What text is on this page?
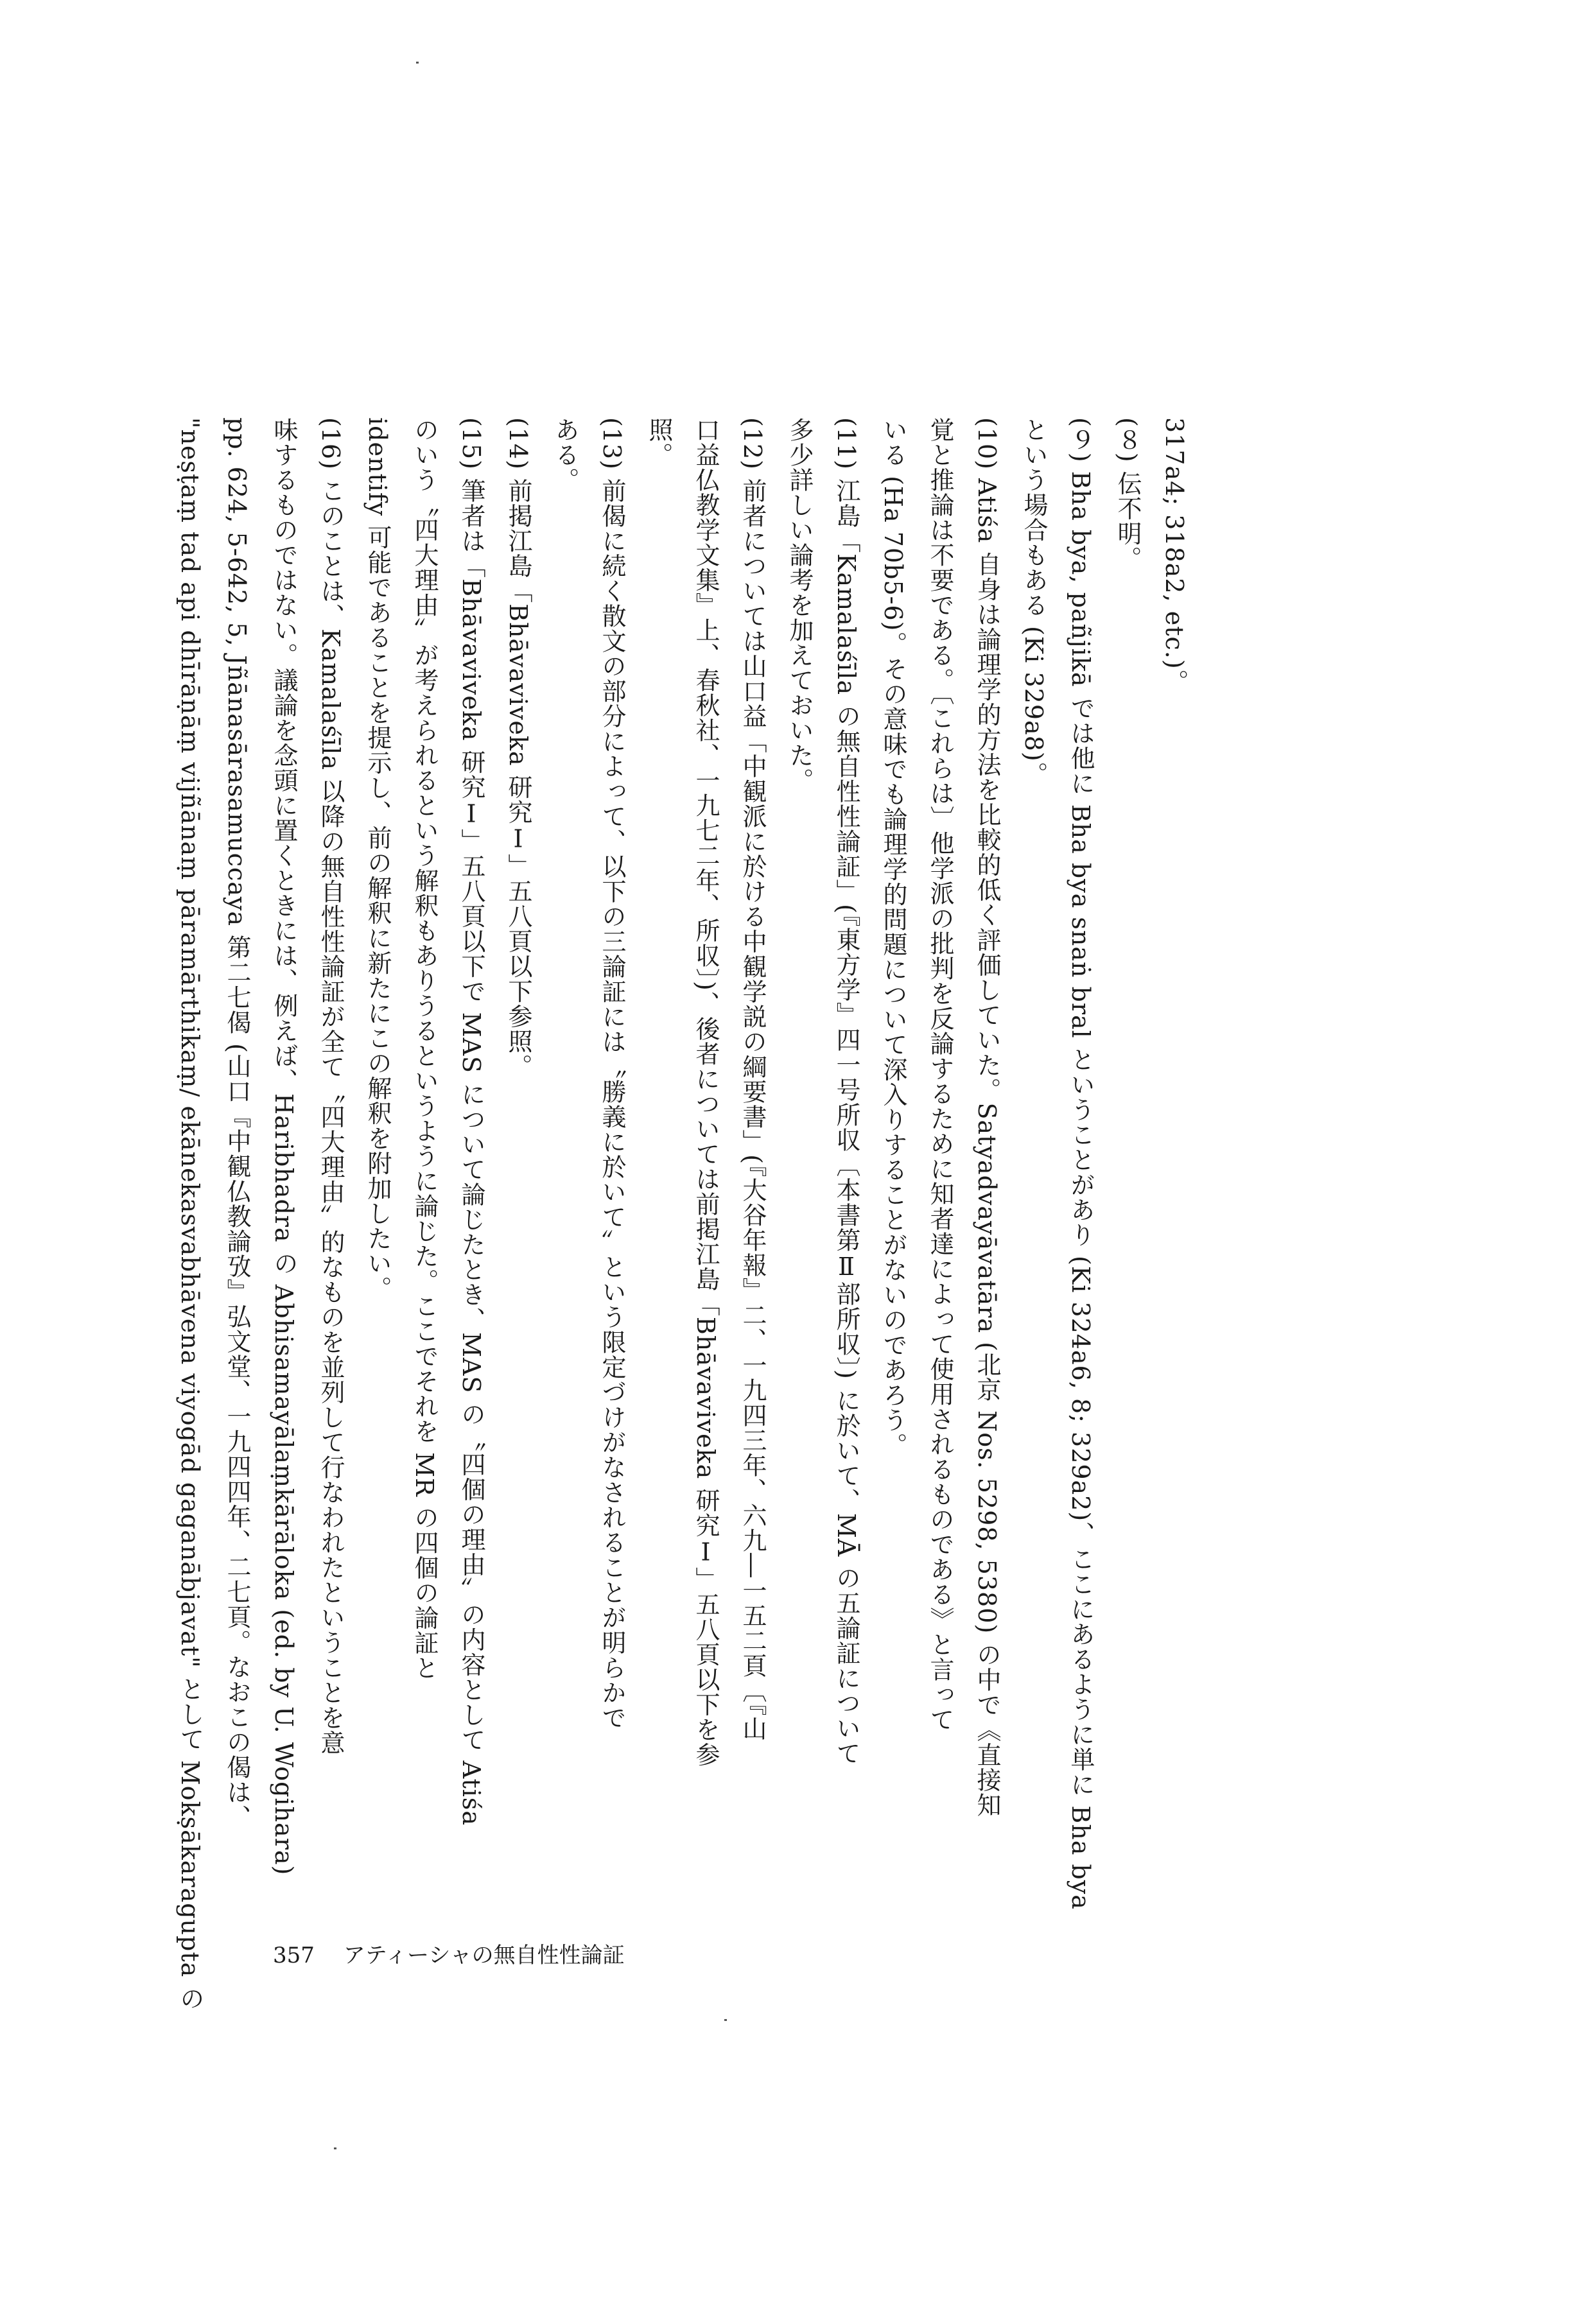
317a4; 318a2, etc.)。
(８) 伝不明。
(９) Bha bya, pañjikā では他に Bha bya snaṅ bral ということがあり (Ki 324a6, 8; 329a2)、ここにあるように単に Bha bya
という場合もある (Ki 329a8)。
(10) Atiśa 自身は論理学的方法を比較的低く評価していた。Satyadvayāvatāra (北京 Nos. 5298, 5380) の中で《直接知
覚と推論は不要である。〔これらは〕他学派の批判を反論するために知者達によって使用されるものである》と言って
いる (Ha 70b5-6)。その意味でも論理学的問題について深入りすることがないのであろう。
(11) 江島「Kamalaśīla の無自性性論証」(『東方学』四一号所収〔本書第Ⅱ部所収〕) に於いて、MĀ の五論証について
多少詳しい論考を加えておいた。
(12) 前者については山口益「中観派に於ける中観学説の綱要書」(『大谷年報』二、一九四三年、六九―一五二頁〔『山
口益仏教学文集』上、春秋社、一九七二年、所収〕)、後者については前掲江島「Bhāvaviveka 研究Ⅰ」五八頁以下を参
照。
(13) 前偈に続く散文の部分によって、以下の三論証には〝勝義に於いて〟という限定づけがなされることが明らかで
ある。
(14) 前掲江島「Bhāvaviveka 研究Ⅰ」五八頁以下参照。
(15) 筆者は「Bhāvaviveka 研究Ⅰ」五八頁以下で MAS について論じたとき、MAS の〝四個の理由〟の内容として Atiśa
のいう〝四大理由〟が考えられるという解釈もありうるというように論じた。ここでそれを MR の四個の論証と
identify 可能であることを提示し、前の解釈に新たにこの解釈を附加したい。
(16) このことは、Kamalaśīla 以降の無自性性論証が全て〝四大理由〟的なものを並列して行なわれたということを意
味するものではない。議論を念頭に置くときには、例えば、Haribhadra の Abhisamayālaṃkārāloka (ed. by U. Wogihara)
pp. 624, 5-642, 5, Jñānasārasamuccaya 第二七偈 (山口『中観仏教論攷』弘文堂、一九四四年、二七頁。なおこの偈は、
"neṣṭaṃ tad api dhīrāṇāṃ vijñānaṃ pāramārthikaṃ/ ekānekasvabhāvena viyogād gaganābjavat" として Mokṣākaragupta の	357 アティーシャの無自性性論証
